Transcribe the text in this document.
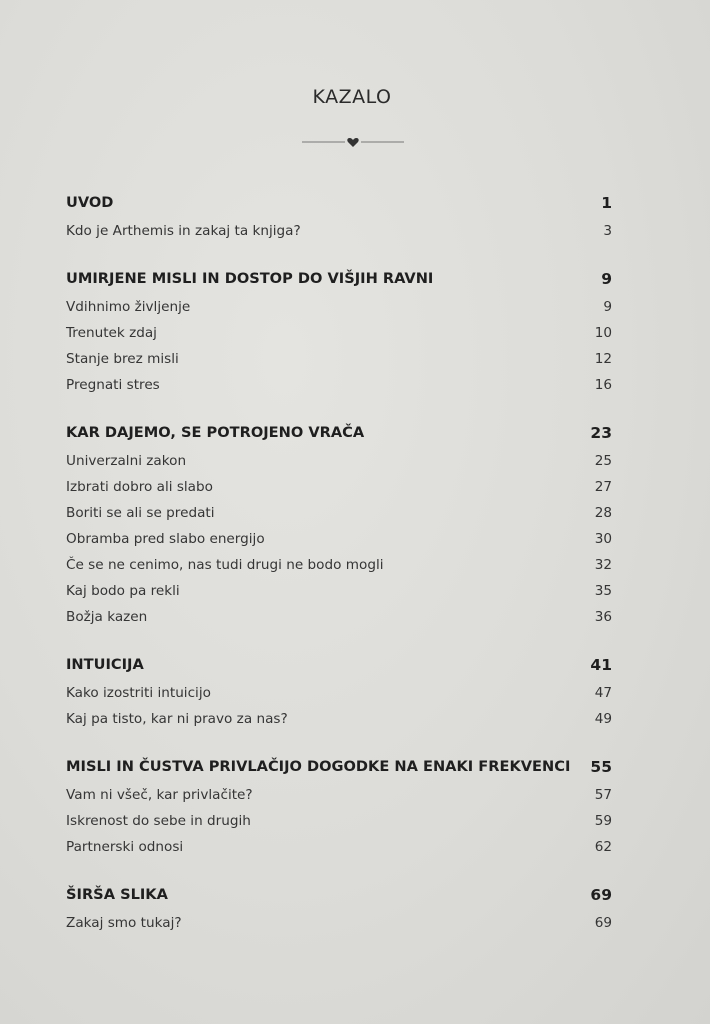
KAZALO
UVOD	1
Kdo je Arthemis in zakaj ta knjiga?	3
UMIRJENE MISLI IN DOSTOP DO VIŠJIH RAVNI	9
Vdihnimo življenje	9
Trenutek zdaj	10
Stanje brez misli	12
Pregnati stres	16
KAR DAJEMO, SE POTROJENO VRAČA	23
Univerzalni zakon	25
Izbrati dobro ali slabo	27
Boriti se ali se predati	28
Obramba pred slabo energijo	30
Če se ne cenimo, nas tudi drugi ne bodo mogli	32
Kaj bodo pa rekli	35
Božja kazen	36
INTUICIJA	41
Kako izostriti intuicijo	47
Kaj pa tisto, kar ni pravo za nas?	49
MISLI IN ČUSTVA PRIVLAČIJO DOGODKE NA ENAKI FREKVENCI	55
Vam ni všeč, kar privlačite?	57
Iskrenost do sebe in drugih	59
Partnerski odnosi	62
ŠIRŠA SLIKA	69
Zakaj smo tukaj?	69
